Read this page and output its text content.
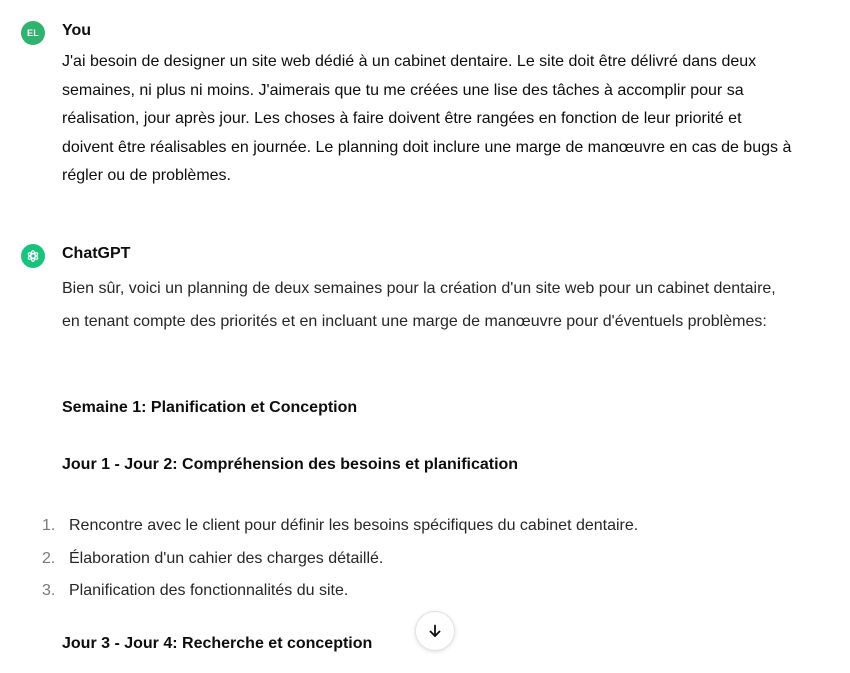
EL You

J'ai besoin de designer un site web dédié à un cabinet dentaire. Le site doit être délivré dans deux semaines, ni plus ni moins. J'aimerais que tu me créées une lise des tâches à accomplir pour sa réalisation, jour après jour. Les choses à faire doivent être rangées en fonction de leur priorité et doivent être réalisables en journée. Le planning doit inclure une marge de manœuvre en cas de bugs à régler ou de problèmes.

ChatGPT

Bien sûr, voici un planning de deux semaines pour la création d'un site web pour un cabinet dentaire, en tenant compte des priorités et en incluant une marge de manœuvre pour d'éventuels problèmes:

Semaine 1: Planification et Conception

Jour 1 - Jour 2: Compréhension des besoins et planification

1. Rencontre avec le client pour définir les besoins spécifiques du cabinet dentaire.
2. Élaboration d'un cahier des charges détaillé.
3. Planification des fonctionnalités du site.

Jour 3 - Jour 4: Recherche et conception
